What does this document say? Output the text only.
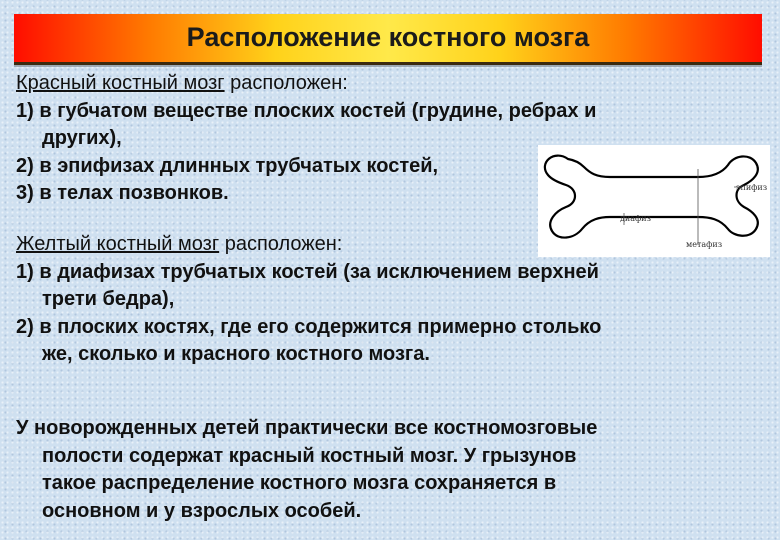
Расположение костного мозга

Красный костный мозг расположен:

1) в губчатом веществе плоских костей (грудине, ребрах и

других),

2) в эпифизах длинных трубчатых костей,

3) в телах позвонков.	эпифиз
диафиз
метафиз

Желтый костный мозг расположен:

1) в диафизах трубчатых костей (за исключением верхней

трети бедра),

2) в плоских костях, где его содержится примерно столько

же, сколько и красного костного мозга.

У новорожденных детей практически все костномозговые

полости содержат красный костный мозг. У грызунов

такое распределение костного мозга сохраняется в

основном и у взрослых особей.
